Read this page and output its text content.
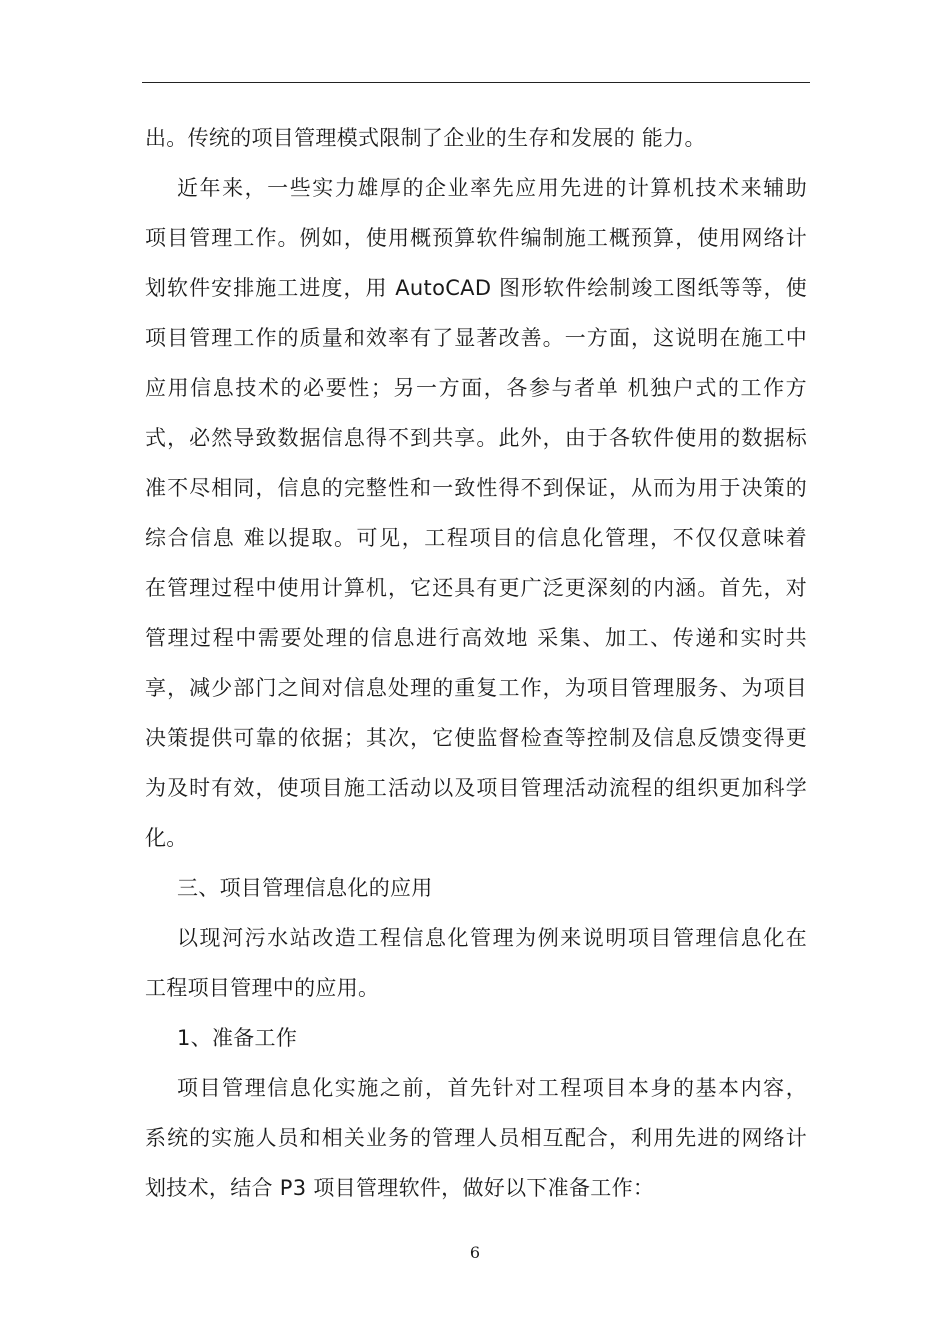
出。传统的项目管理模式限制了企业的生存和发展的 能力。
近年来，一些实力雄厚的企业率先应用先进的计算机技术来辅助
项目管理工作。例如，使用概预算软件编制施工概预算，使用网络计
划软件安排施工进度，用 AutoCAD 图形软件绘制竣工图纸等等，使
项目管理工作的质量和效率有了显著改善。一方面，这说明在施工中
应用信息技术的必要性；另一方面，各参与者单 机独户式的工作方
式，必然导致数据信息得不到共享。此外，由于各软件使用的数据标
准不尽相同，信息的完整性和一致性得不到保证，从而为用于决策的
综合信息 难以提取。可见，工程项目的信息化管理，不仅仅意味着
在管理过程中使用计算机，它还具有更广泛更深刻的内涵。首先，对
管理过程中需要处理的信息进行高效地 采集、加工、传递和实时共
享，减少部门之间对信息处理的重复工作，为项目管理服务、为项目
决策提供可靠的依据；其次，它使监督检查等控制及信息反馈变得更
为及时有效，使项目施工活动以及项目管理活动流程的组织更加科学
化。
三、项目管理信息化的应用
以现河污水站改造工程信息化管理为例来说明项目管理信息化在
工程项目管理中的应用。
1、准备工作
项目管理信息化实施之前，首先针对工程项目本身的基本内容，
系统的实施人员和相关业务的管理人员相互配合，利用先进的网络计
划技术，结合 P3 项目管理软件，做好以下准备工作：
6
